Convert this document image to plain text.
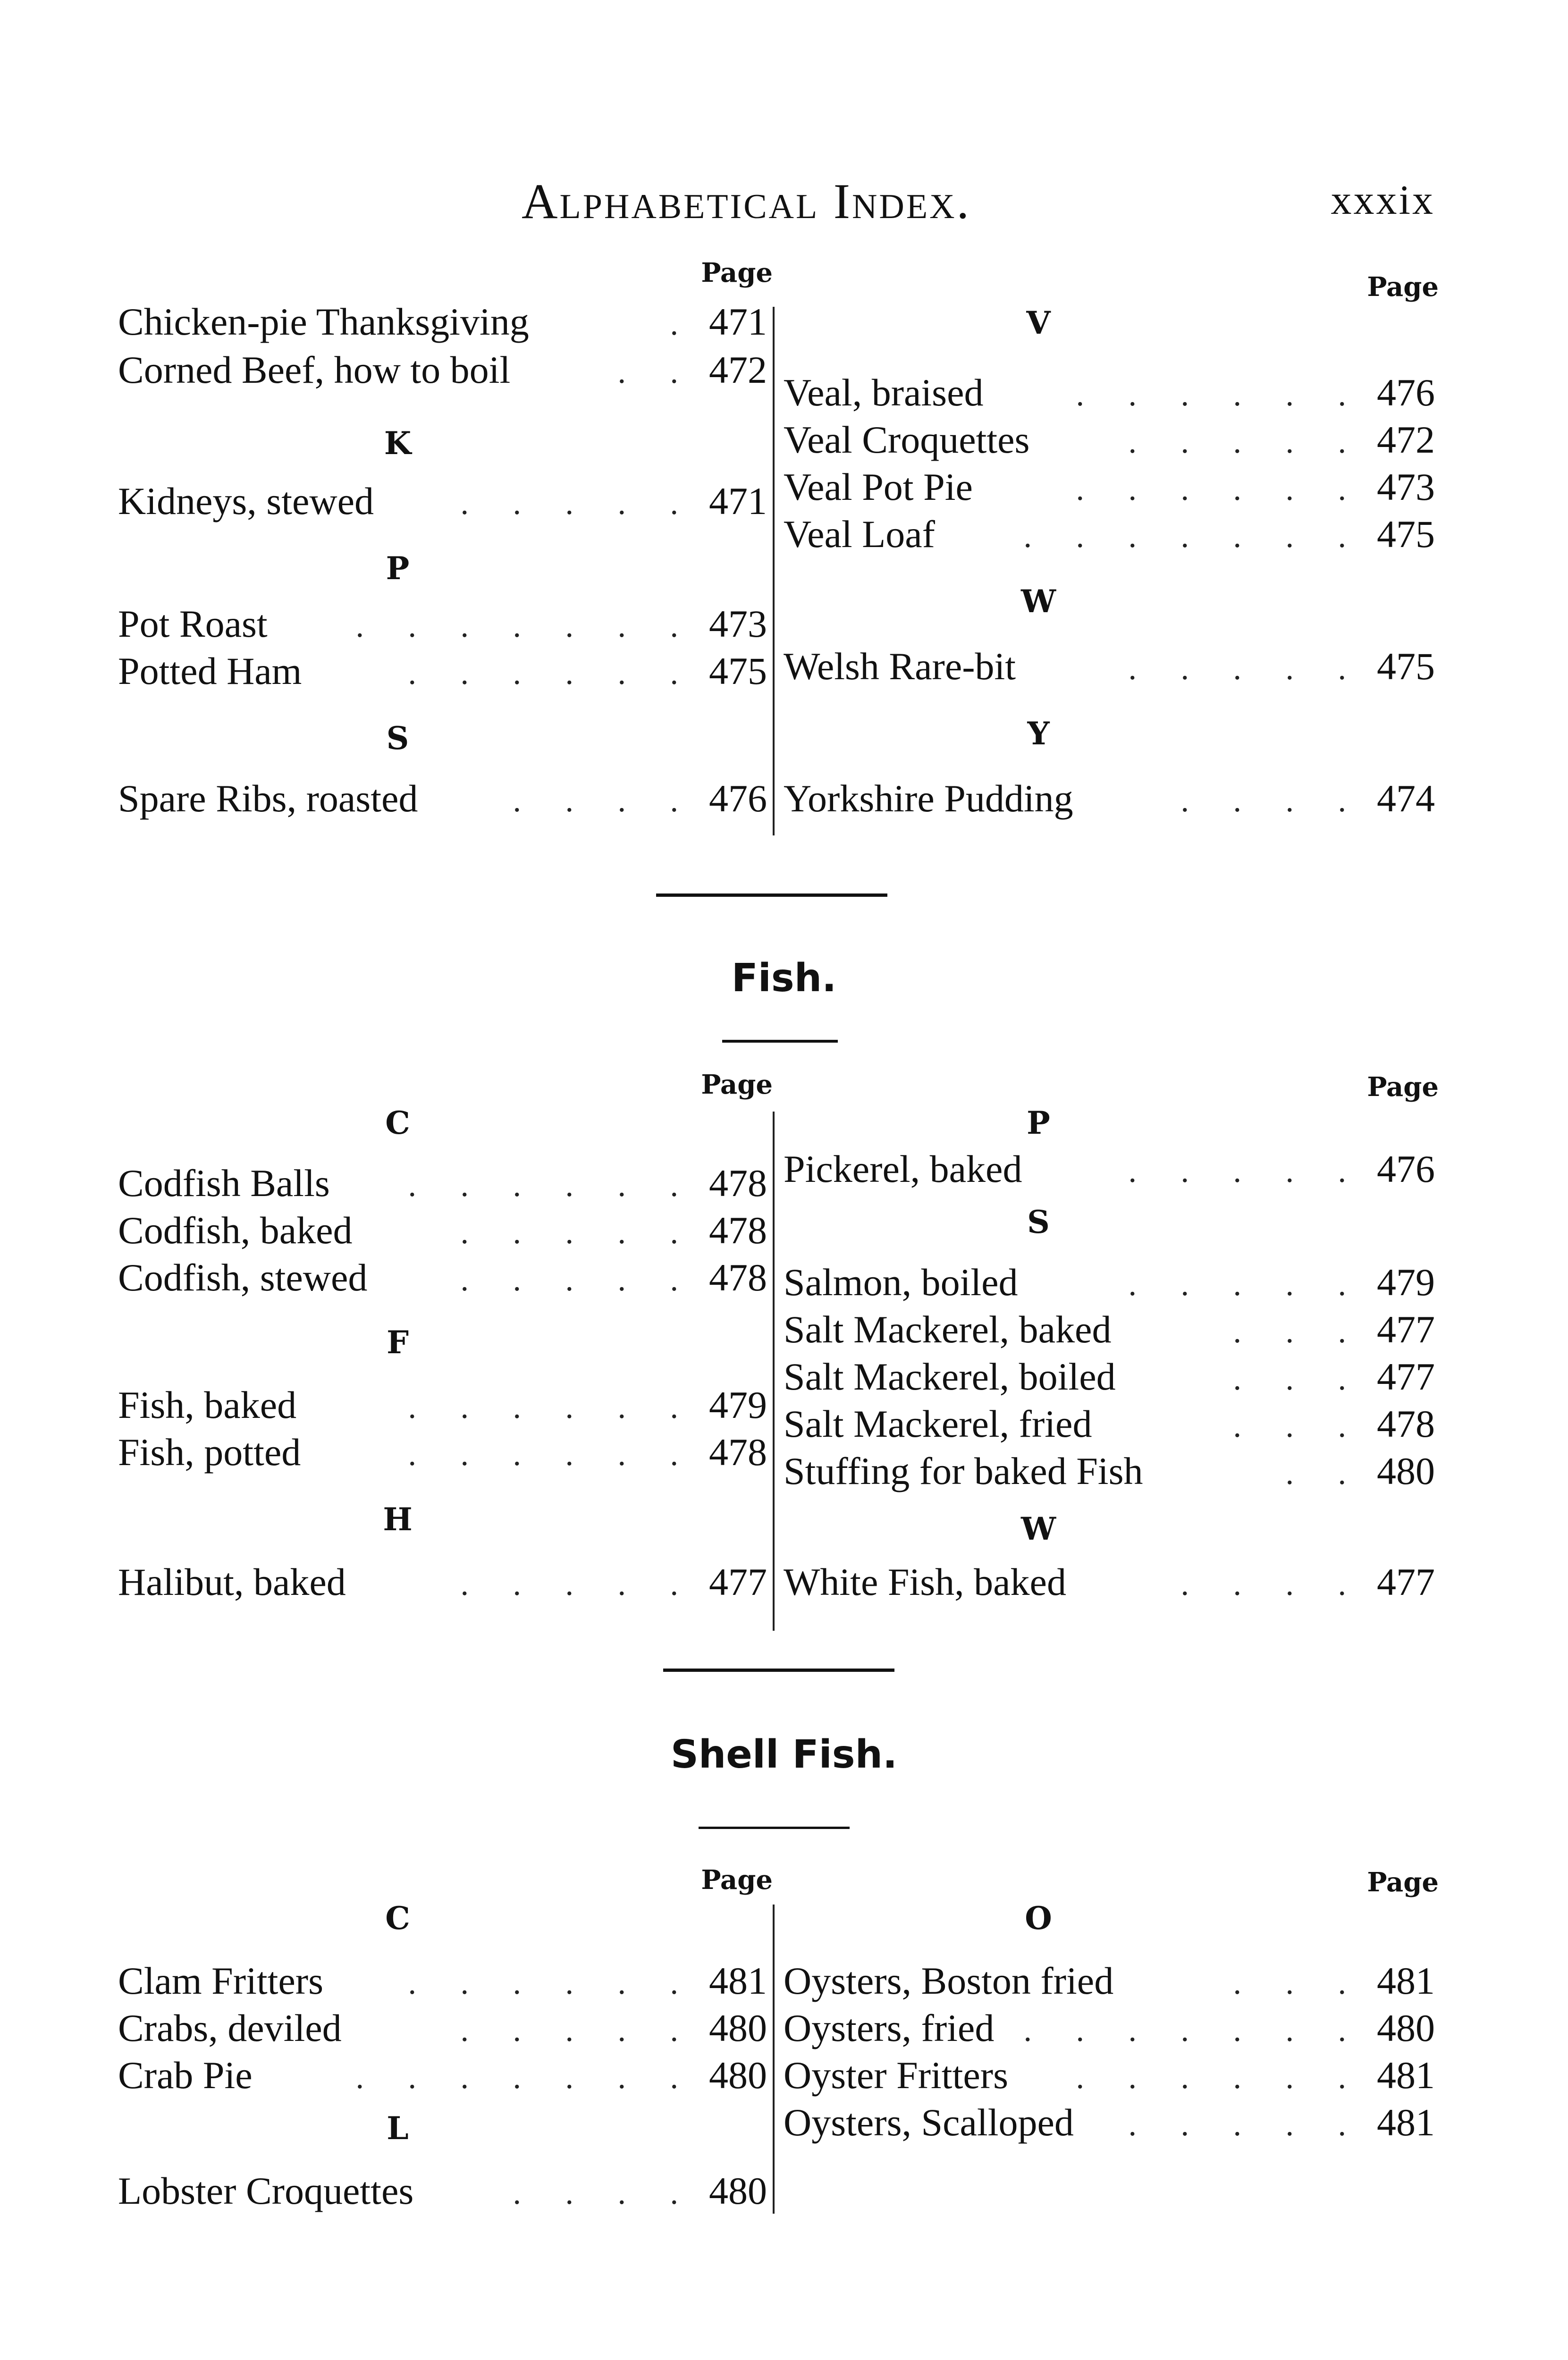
Alphabetical Index.	xxxix
Page
Chicken-pie Thanksgiving	. 471
Corned Beef, how to boil	. . 472
K
Kidneys, stewed	. . . . . 471
P
Pot Roast	. . . . . . . 473
Potted Ham	. . . . . . 475
S
Spare Ribs, roasted	. . . . 476
Page
V
Veal, braised	. . . . . . 476
Veal Croquettes	. . . . . 472
Veal Pot Pie	. . . . . . 473
Veal Loaf	. . . . . . . 475
W
Welsh Rare-bit	. . . . . 475
Y
Yorkshire Pudding	. . . . 474
Fish.
Page
C
Codfish Balls	. . . . . . 478
Codfish, baked	. . . . . 478
Codfish, stewed	. . . . . 478
F
Fish, baked	. . . . . . 479
Fish, potted	. . . . . . 478
H
Halibut, baked	. . . . . 477
Page
P
Pickerel, baked	. . . . . 476
S
Salmon, boiled	. . . . . 479
Salt Mackerel, baked	. . . 477
Salt Mackerel, boiled	. . . 477
Salt Mackerel, fried	. . . 478
Stuffing for baked Fish	. . 480
W
White Fish, baked	. . . . 477
Shell Fish.
Page
C
Clam Fritters	. . . . . . 481
Crabs, deviled	. . . . . 480
Crab Pie	. . . . . . . 480
L
Lobster Croquettes	. . . . 480
Page
O
Oysters, Boston fried	. . . 481
Oysters, fried . . . . . . . 480
Oyster Fritters	. . . . . . 481
Oysters, Scalloped	. . . . . 481
